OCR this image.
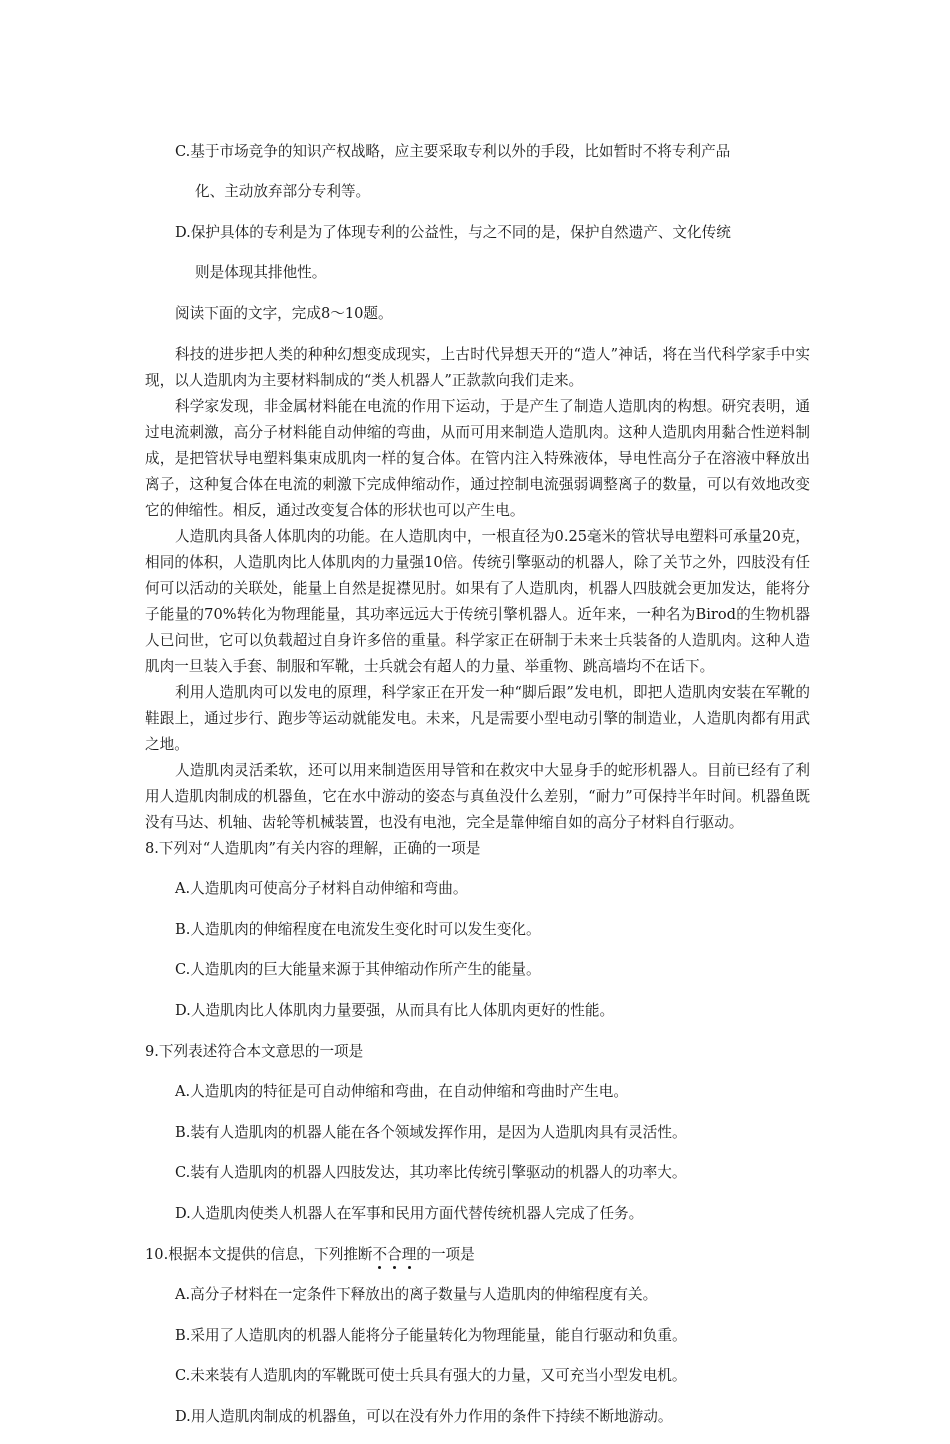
C.基于市场竞争的知识产权战略，应主要采取专利以外的手段，比如暂时不将专利产品

化、主动放弃部分专利等。

D.保护具体的专利是为了体现专利的公益性，与之不同的是，保护自然遗产、文化传统

则是体现其排他性。

阅读下面的文字，完成8～10题。

科技的进步把人类的种种幻想变成现实，上古时代异想天开的“造人”神话，将在当代科学家手中实现，以人造肌肉为主要材料制成的“类人机器人”正款款向我们走来。

科学家发现，非金属材料能在电流的作用下运动，于是产生了制造人造肌肉的构想。研究表明，通过电流刺激，高分子材料能自动伸缩的弯曲，从而可用来制造人造肌肉。这种人造肌肉用黏合性逆料制成，是把管状导电塑料集束成肌肉一样的复合体。在管内注入特殊液体，导电性高分子在溶液中释放出离子，这种复合体在电流的刺激下完成伸缩动作，通过控制电流强弱调整离子的数量，可以有效地改变它的伸缩性。相反，通过改变复合体的形状也可以产生电。

人造肌肉具备人体肌肉的功能。在人造肌肉中，一根直径为0.25毫米的管状导电塑料可承量20克，相同的体积，人造肌肉比人体肌肉的力量强10倍。传统引擎驱动的机器人，除了关节之外，四肢没有任何可以活动的关联处，能量上自然是捉襟见肘。如果有了人造肌肉，机器人四肢就会更加发达，能将分子能量的70%转化为物理能量，其功率远远大于传统引擎机器人。近年来，一种名为Birod的生物机器人已问世，它可以负载超过自身许多倍的重量。科学家正在研制于未来士兵装备的人造肌肉。这种人造肌肉一旦装入手套、制服和军靴，士兵就会有超人的力量、举重物、跳高墙均不在话下。

利用人造肌肉可以发电的原理，科学家正在开发一种“脚后跟”发电机，即把人造肌肉安装在军靴的鞋跟上，通过步行、跑步等运动就能发电。未来，凡是需要小型电动引擎的制造业，人造肌肉都有用武之地。

人造肌肉灵活柔软，还可以用来制造医用导管和在救灾中大显身手的蛇形机器人。目前已经有了利用人造肌肉制成的机器鱼，它在水中游动的姿态与真鱼没什么差别，“耐力”可保持半年时间。机器鱼既没有马达、机轴、齿轮等机械装置，也没有电池，完全是靠伸缩自如的高分子材料自行驱动。

8.下列对“人造肌肉”有关内容的理解，正确的一项是

A.人造肌肉可使高分子材料自动伸缩和弯曲。

B.人造肌肉的伸缩程度在电流发生变化时可以发生变化。

C.人造肌肉的巨大能量来源于其伸缩动作所产生的能量。

D.人造肌肉比人体肌肉力量要强，从而具有比人体肌肉更好的性能。

9.下列表述符合本文意思的一项是

A.人造肌肉的特征是可自动伸缩和弯曲，在自动伸缩和弯曲时产生电。

B.装有人造肌肉的机器人能在各个领域发挥作用，是因为人造肌肉具有灵活性。

C.装有人造肌肉的机器人四肢发达，其功率比传统引擎驱动的机器人的功率大。

D.人造肌肉使类人机器人在军事和民用方面代替传统机器人完成了任务。

10.根据本文提供的信息，下列推断不
合
理
的一项是

A.高分子材料在一定条件下释放出的离子数量与人造肌肉的伸缩程度有关。

B.采用了人造肌肉的机器人能将分子能量转化为物理能量，能自行驱动和负重。

C.未来装有人造肌肉的军靴既可使士兵具有强大的力量，又可充当小型发电机。

D.用人造肌肉制成的机器鱼，可以在没有外力作用的条件下持续不断地游动。
